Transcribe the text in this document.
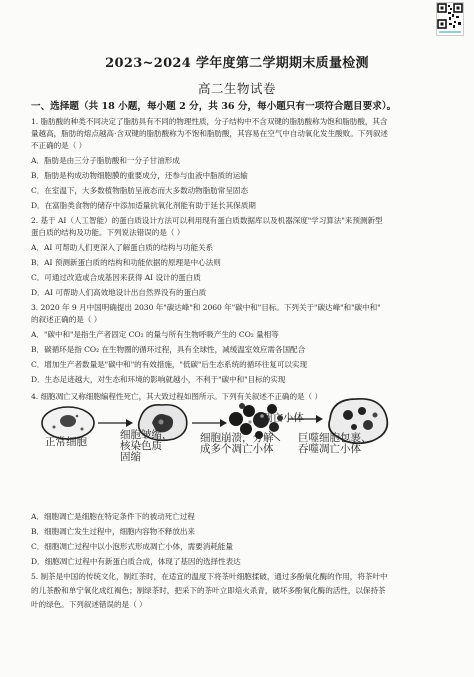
2023~2024 学年度第二学期期末质量检测
高二生物试卷
一、选择题（共 18 小题，每小题 2 分，共 36 分，每小题只有一项符合题目要求）。
1. 脂肪酸的种类不同决定了脂肪具有不同的物理性质，分子结构中不含双键的脂肪酸称为饱和脂肪酸，其含
量越高，脂肪的熔点越高·含双键的脂肪酸称为不饱和脂肪酸，其容易在空气中自动氧化发生酸败。下列叙述
不正确的是（ ）
A．脂肪是由三分子脂肪酸和一分子甘油形成
B．脂肪是构成动物细胞膜的重要成分，还参与血液中脂质的运输
C．在室温下，大多数植物脂肪呈液态而大多数动物脂肪常呈固态
D．在富脂类食物的储存中添加适量抗氧化剂能有助于延长其保质期
2. 基于 AI（人工智能）的蛋白质设计方法可以利用现有蛋白质数据库以及机器深度"学习算法"来预测新型
蛋白质的结构及功能。下列说法错误的是（ ）
A．AI 可帮助人们更深入了解蛋白质的结构与功能关系
B．AI 预测新蛋白质的结构和功能依据的原理是中心法则
C．可通过改造或合成基因来获得 AI 设计的蛋白质
D．AI 可帮助人们高效地设计出自然界没有的蛋白质
3. 2020 年 9 月中国明确提出 2030 年"碳达峰"和 2060 年"碳中和"目标。下列关于"碳达峰"和"碳中和"
的叙述正确的是（ ）
A．"碳中和"是指生产者固定 CO₂ 的量与所有生物呼吸产生的 CO₂ 量相等
B．碳循环是指 CO₂ 在生物圈的循环过程，具有全球性，减缓温室效应需各国配合
C．增加生产者数量是"碳中和"的有效措施，"低碳"后生态系统的循环往复可以实现
D．生态足迹越大，对生态和环境的影响就越小，不利于"碳中和"目标的实现
4. 细胞凋亡又称细胞编程性死亡，其大致过程如图所示。下列有关叙述不正确的是（ ）
A．细胞凋亡是细胞在特定条件下的被动死亡过程
B．细胞凋亡发生过程中，细胞内容物不释放出来
C．细胞凋亡过程中以小泡形式形成凋亡小体，需要消耗能量
D．细胞凋亡过程中有新蛋白质合成，体现了基因的选择性表达
5. 制茶是中国的传统文化，制红茶时，在适宜的温度下将茶叶细胞揉破，通过多酚氧化酶的作用，将茶叶中
的儿茶酚和单宁氧化成红褐色；制绿茶时，把采下的茶叶立即焙火杀青，破坏多酚氧化酶的活性，以保持茶
叶的绿色。下列叙述错误的是（ ）
正常细胞
细胞皱缩，
核染色质
固缩
细胞崩溃，分解
成多个凋亡小体
凋亡小体
巨噬细胞包裹、
吞噬凋亡小体
